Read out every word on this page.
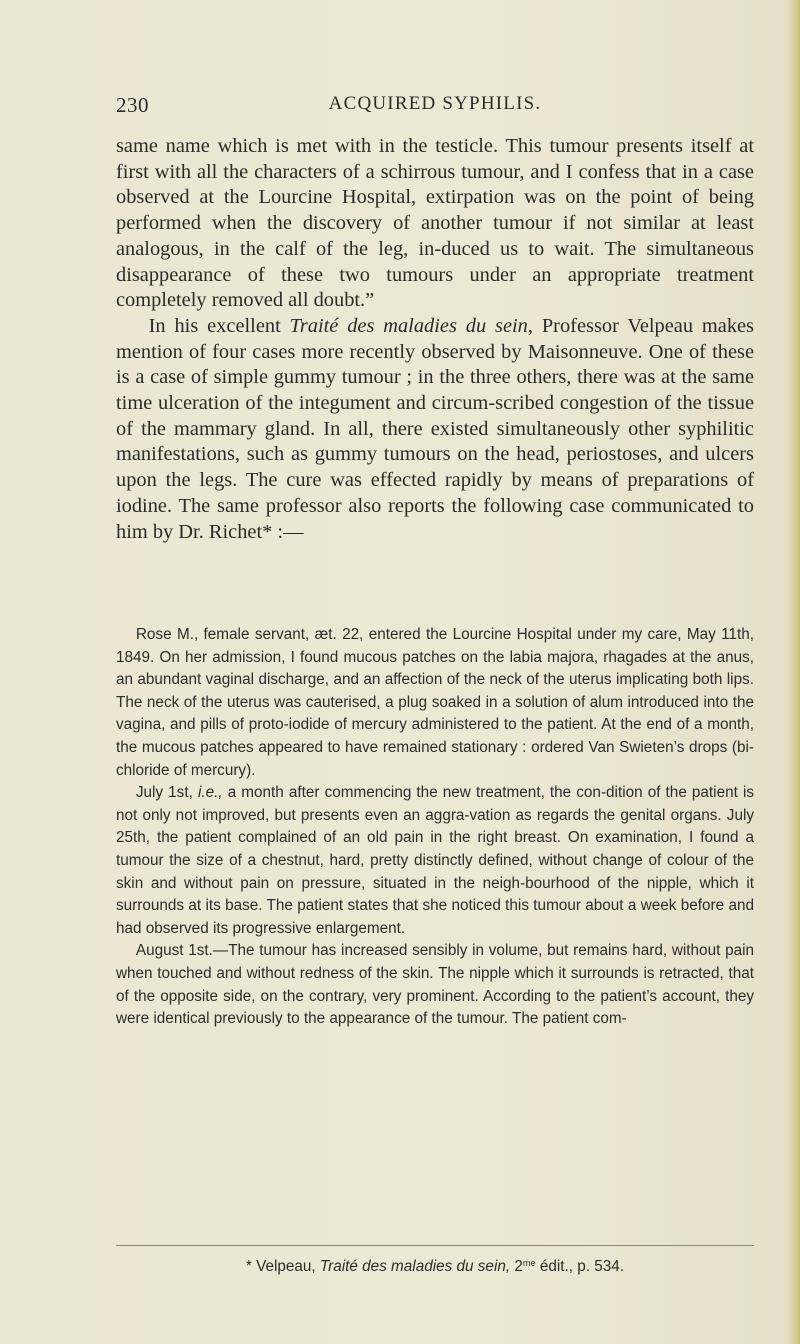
230	ACQUIRED SYPHILIS.

same name which is met with in the testicle. This tumour presents itself at first with all the characters of a schirrous tumour, and I confess that in a case observed at the Lourcine Hospital, extirpation was on the point of being performed when the discovery of another tumour if not similar at least analogous, in the calf of the leg, in-duced us to wait. The simultaneous disappearance of these two tumours under an appropriate treatment completely removed all doubt.”

In his excellent Traité des maladies du sein, Professor Velpeau makes mention of four cases more recently observed by Maisonneuve. One of these is a case of simple gummy tumour ; in the three others, there was at the same time ulceration of the integument and circum-scribed congestion of the tissue of the mammary gland. In all, there existed simultaneously other syphilitic manifestations, such as gummy tumours on the head, periostoses, and ulcers upon the legs. The cure was effected rapidly by means of preparations of iodine. The same professor also reports the following case communicated to him by Dr. Richet* :—

Rose M., female servant, æt. 22, entered the Lourcine Hospital under my care, May 11th, 1849. On her admission, I found mucous patches on the labia majora, rhagades at the anus, an abundant vaginal discharge, and an affection of the neck of the uterus implicating both lips. The neck of the uterus was cauterised, a plug soaked in a solution of alum introduced into the vagina, and pills of proto-iodide of mercury administered to the patient. At the end of a month, the mucous patches appeared to have remained stationary : ordered Van Swieten’s drops (bi-chloride of mercury).

July 1st, i.e., a month after commencing the new treatment, the con-dition of the patient is not only not improved, but presents even an aggra-vation as regards the genital organs. July 25th, the patient complained of an old pain in the right breast. On examination, I found a tumour the size of a chestnut, hard, pretty distinctly defined, without change of colour of the skin and without pain on pressure, situated in the neigh-bourhood of the nipple, which it surrounds at its base. The patient states that she noticed this tumour about a week before and had observed its progressive enlargement.

August 1st.—The tumour has increased sensibly in volume, but remains hard, without pain when touched and without redness of the skin. The nipple which it surrounds is retracted, that of the opposite side, on the contrary, very prominent. According to the patient’s account, they were identical previously to the appearance of the tumour. The patient com-

* Velpeau, Traité des maladies du sein, $2^{me}$ édit., p. 534.
